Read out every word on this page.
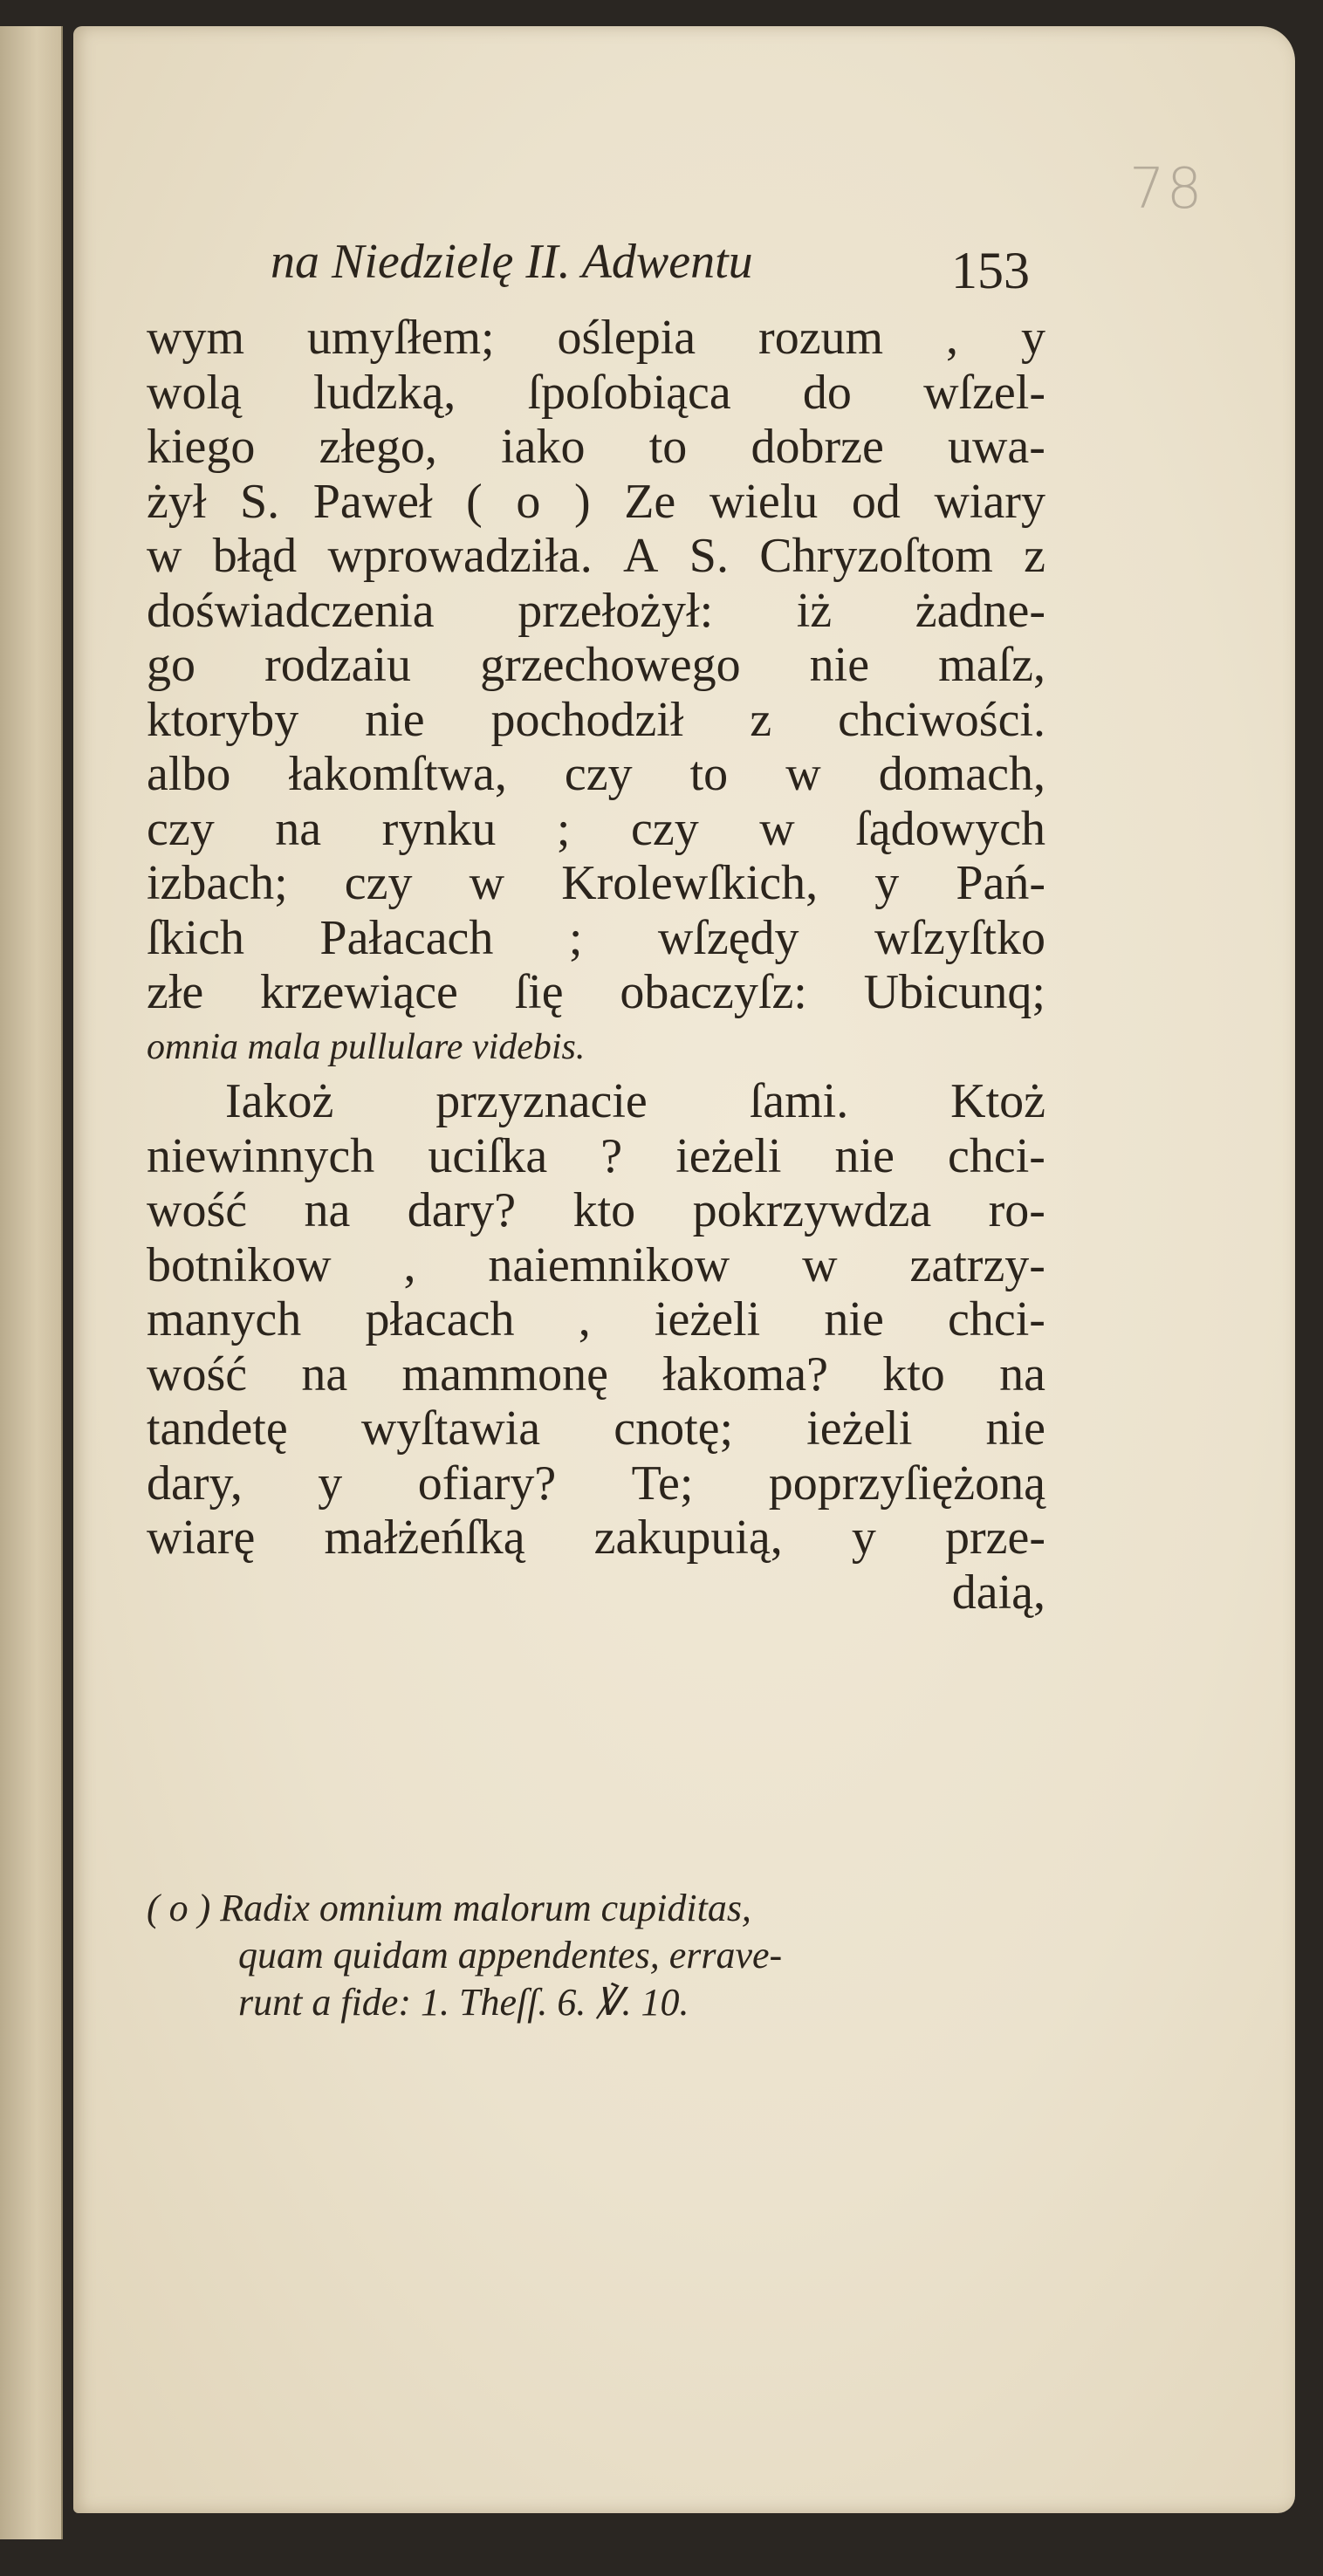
78
na Niedzielę II. Adwentu	153
wym umyſłem; oślepia rozum , y
wolą ludzką, ſpoſobiąca do wſzel-
kiego złego, iako to dobrze uwa-
żył S. Paweł ( o ) Ze wielu od wiary
w błąd wprowadziła. A S. Chryzoſtom z
doświadczenia przełożył: iż żadne-
go rodzaiu grzechowego nie maſz,
ktoryby nie pochodził z chciwości.
albo łakomſtwa, czy to w domach,
czy na rynku ; czy w ſądowych
izbach; czy w Krolewſkich, y Pań-
ſkich Pałacach ; wſzędy wſzyſtko
złe krzewiące ſię obaczyſz: Ubicunq;
omnia mala pullulare videbis.
Iakoż przyznacie ſami. Ktoż
niewinnych uciſka ? ieżeli nie chci-
wość na dary? kto pokrzywdza ro-
botnikow , naiemnikow w zatrzy-
manych płacach , ieżeli nie chci-
wość na mammonę łakoma? kto na
tandetę wyſtawia cnotę; ieżeli nie
dary, y ofiary? Te; poprzyſiężoną
wiarę małżeńſką zakupuią, y prze-
daią,
( o ) Radix omnium malorum cupiditas,
quam quidam appendentes, errave-
runt a fide: 1. Theſſ. 6. ℣. 10.
